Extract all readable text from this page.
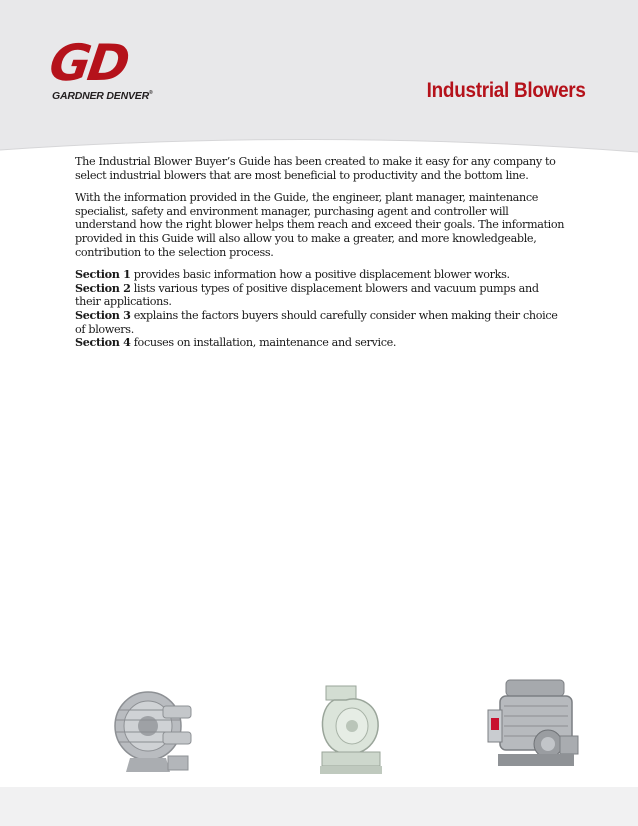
GD
GARDNER DENVER®	Industrial Blowers

The Industrial Blower Buyer’s Guide has been created to make it easy for any company to select industrial blowers that are most beneficial to productivity and the bottom line.

With the information provided in the Guide, the engineer, plant manager, maintenance specialist, safety and environment manager, purchasing agent and controller will understand how the right blower helps them reach and exceed their goals. The information provided in this Guide will also allow you to make a greater, and more knowledgeable, contribution to the selection process.

Section 1 provides basic information how a positive displacement blower works.
Section 2 lists various types of positive displacement blowers and vacuum pumps and their applications.
Section 3 explains the factors buyers should carefully consider when making their choice of blowers.
Section 4 focuses on installation, maintenance and service.
